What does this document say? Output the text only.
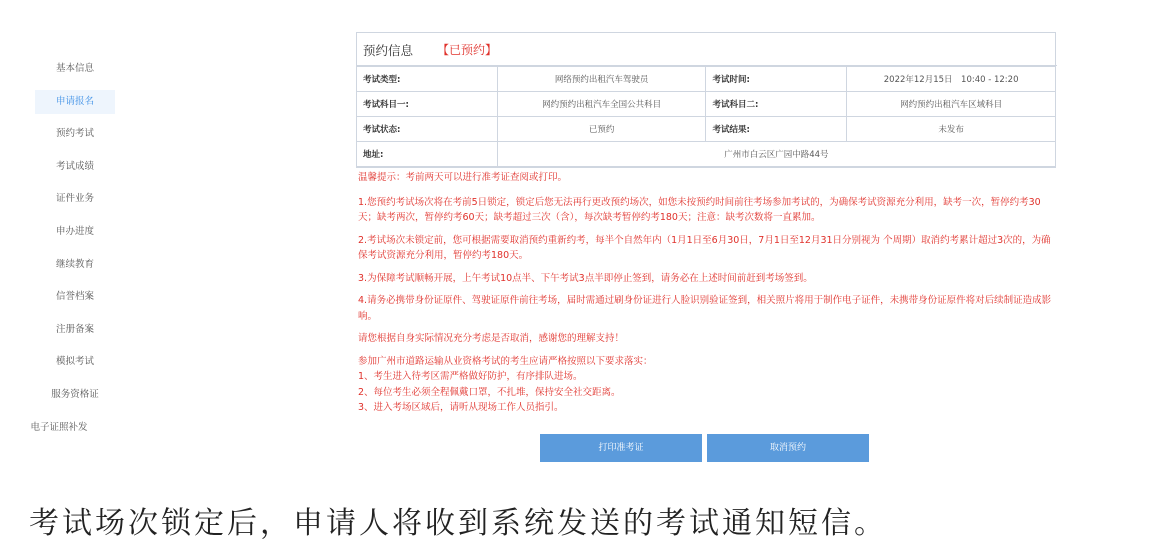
基本信息
申请报名
预约考试
考试成绩
证件业务
申办进度
继续教育
信誉档案
注册备案
模拟考试
服务资格证
电子证照补发
预约信息 【已预约】
考试类型:	网络预约出租汽车驾驶员	考试时间:	2022年12月15日　10:40 - 12:20
考试科目一:	网约预约出租汽车全国公共科目	考试科目二:	网约预约出租汽车区域科目
考试状态:	已预约	考试结果:	未发布
地址:	广州市白云区广园中路44号		

温馨提示：考前两天可以进行准考证查阅或打印。

1.您预约考试场次将在考前5日锁定，锁定后您无法再行更改预约场次，如您未按预约时间前往考场参加考试的，为确保考试资源充分利用，缺考一次，暂停约考30天；缺考两次，暂停约考60天；缺考超过三次（含），每次缺考暂停约考180天；注意：缺考次数将一直累加。

2.考试场次未锁定前，您可根据需要取消预约重新约考，每半个自然年内（1月1日至6月30日，7月1日至12月31日分别视为 个周期）取消约考累计超过3次的，为确保考试资源充分利用，暂停约考180天。

3.为保障考试顺畅开展，上午考试10点半、下午考试3点半即停止签到，请务必在上述时间前赶到考场签到。

4.请务必携带身份证原件、驾驶证原件前往考场，届时需通过刷身份证进行人脸识别验证签到，相关照片将用于制作电子证件，未携带身份证原件将对后续制证造成影响。

请您根据自身实际情况充分考虑是否取消，感谢您的理解支持！

参加广州市道路运输从业资格考试的考生应请严格按照以下要求落实：
1、考生进入待考区需严格做好防护，有序排队进场。
2、每位考生必须全程佩戴口罩，不扎堆，保持安全社交距离。
3、进入考场区域后，请听从现场工作人员指引。

打印准考证	取消预约
考试场次锁定后，申请人将收到系统发送的考试通知短信。
